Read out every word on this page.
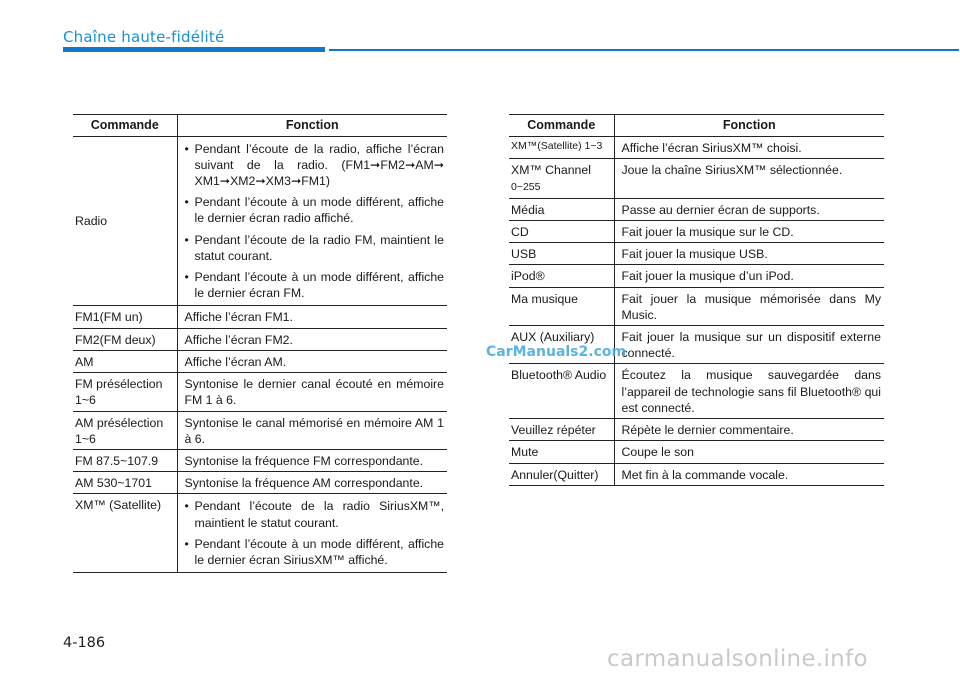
Chaîne haute-fidélité
Commande	Fonction
Radio	• Pendant l’écoute de la radio, affiche l’écran suivant de la radio. (FM1➞FM2➞AM➞ XM1➞XM2➞XM3➞FM1)
• Pendant l’écoute à un mode différent, affiche le dernier écran radio affiché.
• Pendant l’écoute de la radio FM, maintient le statut courant.
• Pendant l’écoute à un mode différent, affiche le dernier écran FM.

FM1(FM un)	Affiche l’écran FM1.
FM2(FM deux)	Affiche l’écran FM2.
AM	Affiche l’écran AM.
FM présélection
1~6	Syntonise le dernier canal écouté en mémoire FM 1 à 6.
AM présélection 1~6	Syntonise le canal mémorisé en mémoire AM 1 à 6.
FM 87.5~107.9	Syntonise la fréquence FM correspondante.
AM 530~1701	Syntonise la fréquence AM correspondante.
XM™ (Satellite)	• Pendant l’écoute de la radio SiriusXM™, maintient le statut courant.
• Pendant l’écoute à un mode différent, affiche le dernier écran SiriusXM™ affiché.
Commande	Fonction
XM™(Satellite) 1~3	Affiche l’écran SiriusXM™ choisi.
XM™ Channel
0~255	Joue la chaîne SiriusXM™ sélectionnée.
Média	Passe au dernier écran de supports.
CD	Fait jouer la musique sur le CD.
USB	Fait jouer la musique USB.
iPod®	Fait jouer la musique d’un iPod.
Ma musique	Fait jouer la musique mémorisée dans My Music.
AUX (Auxiliary)	Fait jouer la musique sur un dispositif externe connecté.
Bluetooth® Audio	Écoutez la musique sauvegardée dans l’appareil de technologie sans fil Bluetooth® qui est connecté.
Veuillez répéter	Répète le dernier commentaire.
Mute	Coupe le son
Annuler(Quitter)	Met fin à la commande vocale.
CarManuals2.com
4-186
carmanualsonline.info
